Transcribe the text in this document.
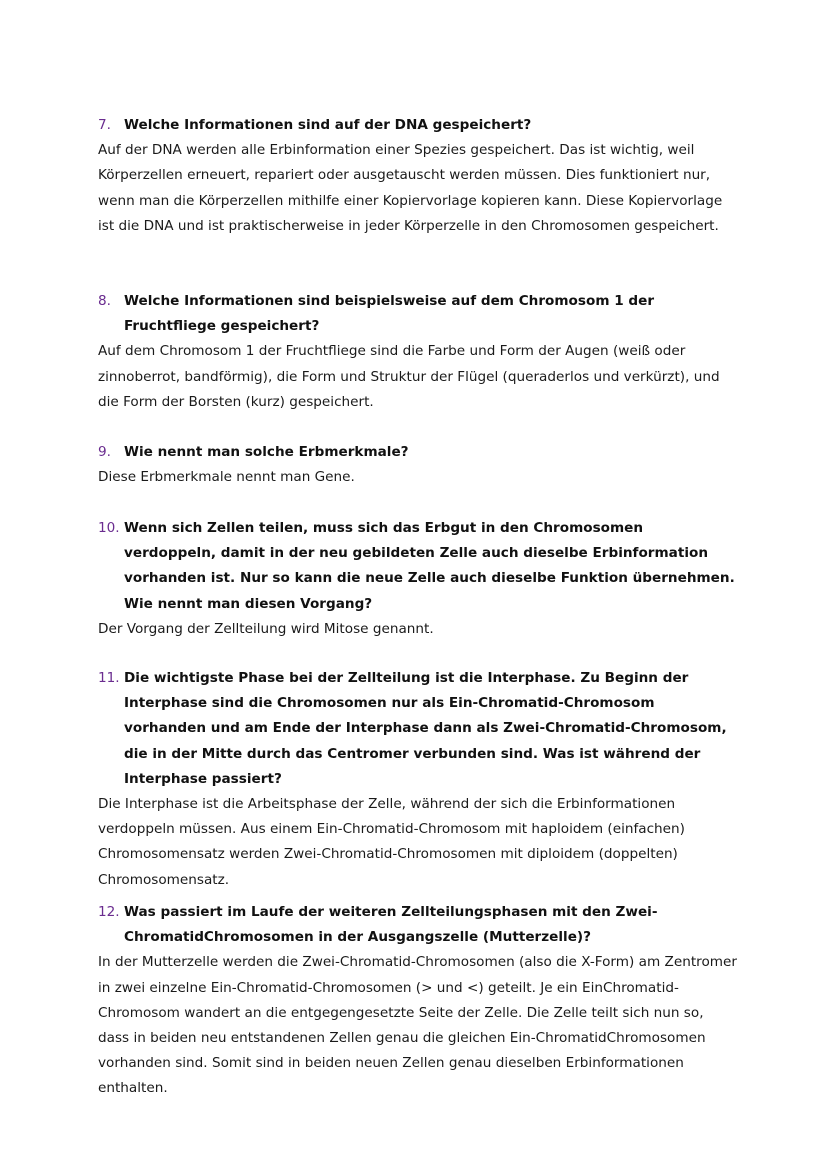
7. Welche Informationen sind auf der DNA gespeichert?
Auf der DNA werden alle Erbinformation einer Spezies gespeichert. Das ist wichtig, weil Körperzellen erneuert, repariert oder ausgetauscht werden müssen. Dies funktioniert nur, wenn man die Körperzellen mithilfe einer Kopiervorlage kopieren kann. Diese Kopiervorlage ist die DNA und ist praktischerweise in jeder Körperzelle in den Chromosomen gespeichert.
8. Welche Informationen sind beispielsweise auf dem Chromosom 1 der Fruchtfliege gespeichert?
Auf dem Chromosom 1 der Fruchtfliege sind die Farbe und Form der Augen (weiß oder zinnoberrot, bandförmig), die Form und Struktur der Flügel (queraderlos und verkürzt), und die Form der Borsten (kurz) gespeichert.
9. Wie nennt man solche Erbmerkmale?
Diese Erbmerkmale nennt man Gene.
10. Wenn sich Zellen teilen, muss sich das Erbgut in den Chromosomen verdoppeln, damit in der neu gebildeten Zelle auch dieselbe Erbinformation vorhanden ist. Nur so kann die neue Zelle auch dieselbe Funktion übernehmen. Wie nennt man diesen Vorgang?
Der Vorgang der Zellteilung wird Mitose genannt.
11. Die wichtigste Phase bei der Zellteilung ist die Interphase. Zu Beginn der Interphase sind die Chromosomen nur als Ein-Chromatid-Chromosom vorhanden und am Ende der Interphase dann als Zwei-Chromatid-Chromosom, die in der Mitte durch das Centromer verbunden sind. Was ist während der Interphase passiert?
Die Interphase ist die Arbeitsphase der Zelle, während der sich die Erbinformationen verdoppeln müssen. Aus einem Ein-Chromatid-Chromosom mit haploidem (einfachen) Chromosomensatz werden Zwei-Chromatid-Chromosomen mit diploidem (doppelten) Chromosomensatz.
12. Was passiert im Laufe der weiteren Zellteilungsphasen mit den Zwei-ChromatidChromosomen in der Ausgangszelle (Mutterzelle)?
In der Mutterzelle werden die Zwei-Chromatid-Chromosomen (also die X-Form) am Zentromer in zwei einzelne Ein-Chromatid-Chromosomen (> und <) geteilt. Je ein EinChromatid-Chromosom wandert an die entgegengesetzte Seite der Zelle. Die Zelle teilt sich nun so, dass in beiden neu entstandenen Zellen genau die gleichen Ein-ChromatidChromosomen vorhanden sind. Somit sind in beiden neuen Zellen genau dieselben Erbinformationen enthalten.
